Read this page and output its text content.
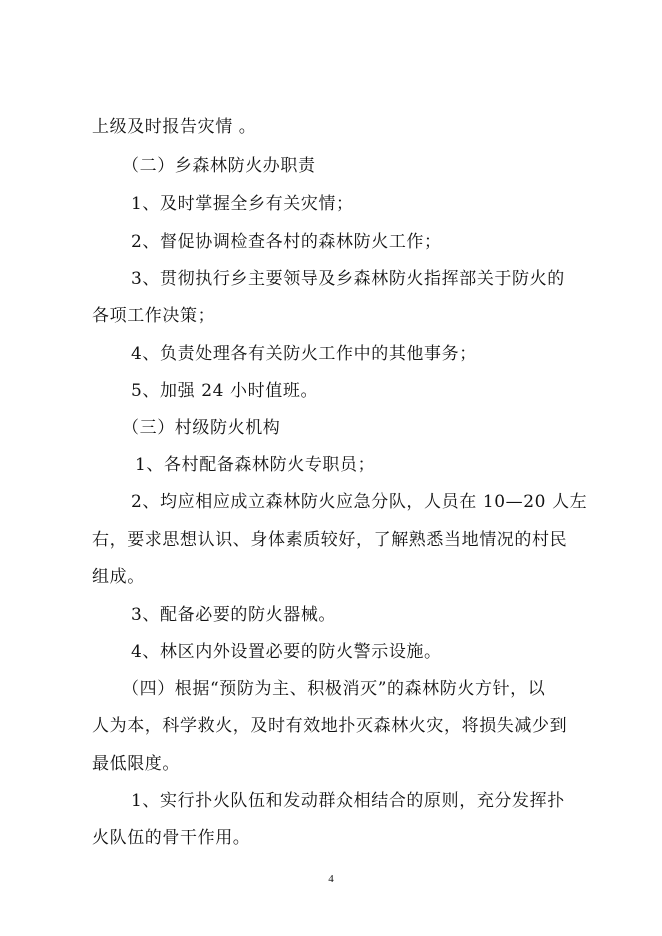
上级及时报告灾情 。
（二）乡森林防火办职责
1、及时掌握全乡有关灾情；
2、督促协调检查各村的森林防火工作；
3、贯彻执行乡主要领导及乡森林防火指挥部关于防火的
各项工作决策；
4、负责处理各有关防火工作中的其他事务；
5、加强 24 小时值班。
（三）村级防火机构
1、各村配备森林防火专职员；
2、均应相应成立森林防火应急分队，人员在 10—20 人左
右，要求思想认识、身体素质较好，了解熟悉当地情况的村民
组成。
3、配备必要的防火器械。
4、林区内外设置必要的防火警示设施。
（四）根据“预防为主、积极消灭”的森林防火方针，以
人为本，科学救火，及时有效地扑灭森林火灾，将损失减少到
最低限度。
1、实行扑火队伍和发动群众相结合的原则，充分发挥扑
火队伍的骨干作用。
4
